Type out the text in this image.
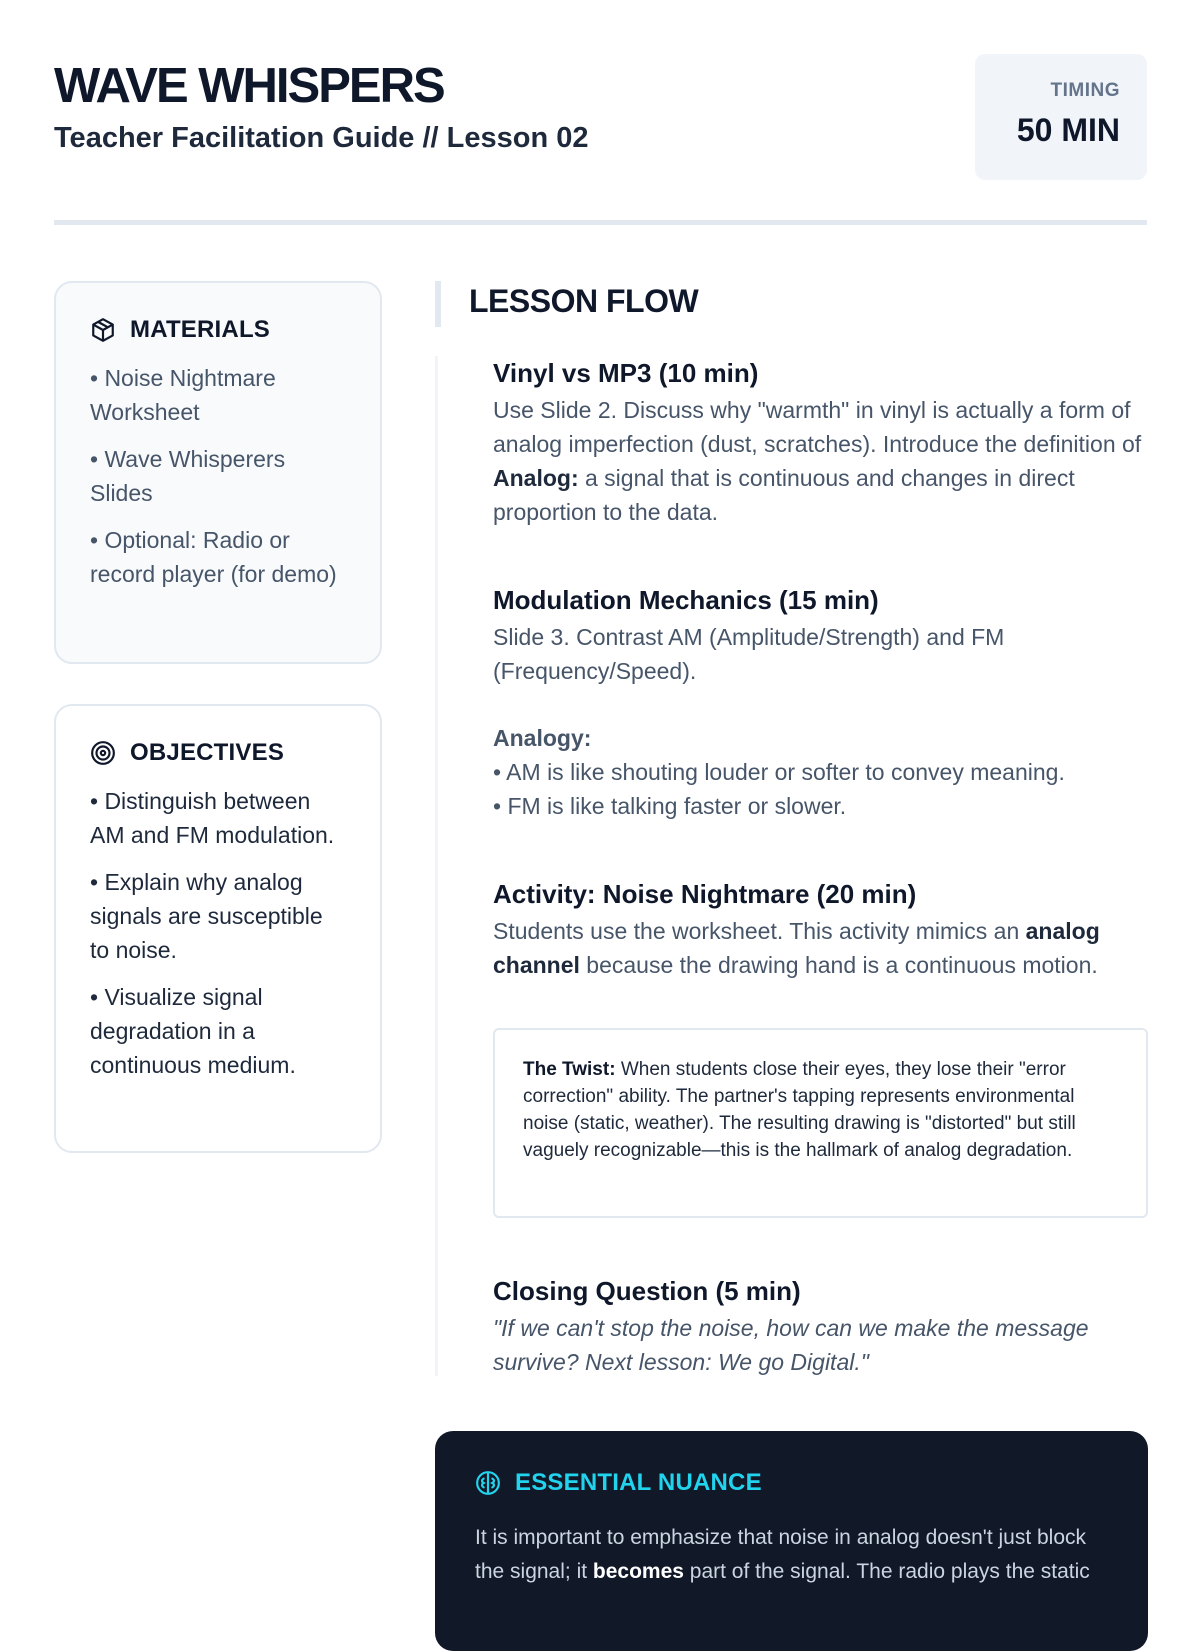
WAVE WHISPERS
Teacher Facilitation Guide // Lesson 02
TIMING
50 MIN
MATERIALS
• Noise Nightmare Worksheet
• Wave Whisperers Slides
• Optional: Radio or record player (for demo)
OBJECTIVES
• Distinguish between AM and FM modulation.
• Explain why analog signals are susceptible to noise.
• Visualize signal degradation in a continuous medium.
LESSON FLOW
Vinyl vs MP3 (10 min)
Use Slide 2. Discuss why "warmth" in vinyl is actually a form of analog imperfection (dust, scratches). Introduce the definition of Analog: a signal that is continuous and changes in direct proportion to the data.
Modulation Mechanics (15 min)
Slide 3. Contrast AM (Amplitude/Strength) and FM (Frequency/Speed).
Analogy:
• AM is like shouting louder or softer to convey meaning.
• FM is like talking faster or slower.
Activity: Noise Nightmare (20 min)
Students use the worksheet. This activity mimics an analog channel because the drawing hand is a continuous motion.
The Twist: When students close their eyes, they lose their "error correction" ability. The partner's tapping represents environmental noise (static, weather). The resulting drawing is "distorted" but still vaguely recognizable—this is the hallmark of analog degradation.
Closing Question (5 min)
"If we can't stop the noise, how can we make the message survive? Next lesson: We go Digital."
ESSENTIAL NUANCE
It is important to emphasize that noise in analog doesn't just block the signal; it becomes part of the signal. The radio plays the static
